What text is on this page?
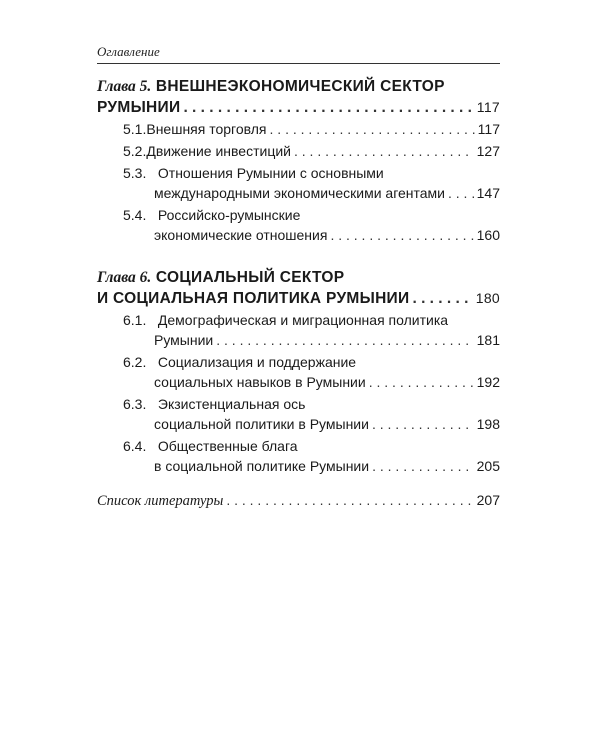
Оглавление
Глава 5. ВНЕШНЕЭКОНОМИЧЕСКИЙ СЕКТОР
РУМЫНИИ . . .	117
5.1. Внешняя торговля . . .	117
5.2. Движение инвестиций . . .	127
5.3. Отношения Румынии с основными
международными экономическими агентами . . . 147
5.4. Российско-румынские
экономические отношения . . .	160
Глава 6. СОЦИАЛЬНЫЙ СЕКТОР
И СОЦИАЛЬНАЯ ПОЛИТИКА РУМЫНИИ . . .	180
6.1. Демографическая и миграционная политика
Румынии . . .	181
6.2. Социализация и поддержание
социальных навыков в Румынии . . .	192
6.3. Экзистенциальная ось
социальной политики в Румынии . . .	198
6.4. Общественные блага
в социальной политике Румынии . . .	205
Список литературы . . .	207
